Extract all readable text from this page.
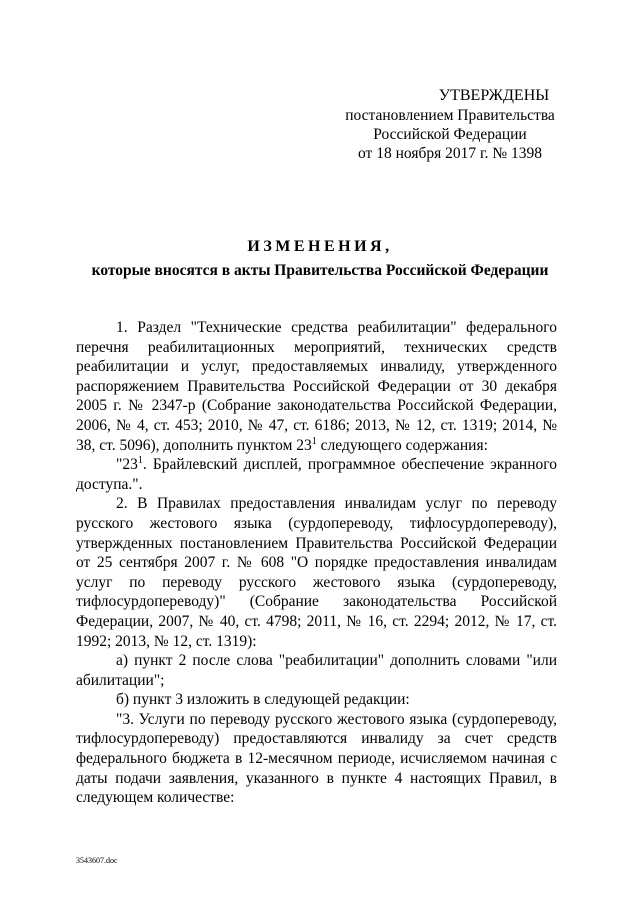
УТВЕРЖДЕНЫ
постановлением Правительства
Российской Федерации
от 18 ноября 2017 г. № 1398
ИЗМЕНЕНИЯ,
которые вносятся в акты Правительства Российской Федерации

1. Раздел "Технические средства реабилитации" федерального перечня реабилитационных мероприятий, технических средств реабилитации и услуг, предоставляемых инвалиду, утвержденного распоряжением Правительства Российской Федерации от 30 декабря 2005 г. № 2347-р (Собрание законодательства Российской Федерации, 2006, № 4, ст. 453; 2010, № 47, ст. 6186; 2013, № 12, ст. 1319; 2014, № 38, ст. 5096), дополнить пунктом $23^1$ следующего содержания:

"$23^1$. Брайлевский дисплей, программное обеспечение экранного доступа.".

2. В Правилах предоставления инвалидам услуг по переводу русского жестового языка (сурдопереводу, тифлосурдопереводу), утвержденных постановлением Правительства Российской Федерации от 25 сентября 2007 г. № 608 "О порядке предоставления инвалидам услуг по переводу русского жестового языка (сурдопереводу, тифлосурдопереводу)" (Собрание законодательства Российской Федерации, 2007, № 40, ст. 4798; 2011, № 16, ст. 2294; 2012, № 17, ст. 1992; 2013, № 12, ст. 1319):

а) пункт 2 после слова "реабилитации" дополнить словами "или абилитации";

б) пункт 3 изложить в следующей редакции:

"3. Услуги по переводу русского жестового языка (сурдопереводу, тифлосурдопереводу) предоставляются инвалиду за счет средств федерального бюджета в 12-месячном периоде, исчисляемом начиная с даты подачи заявления, указанного в пункте 4 настоящих Правил, в следующем количестве:

3543607.doc
